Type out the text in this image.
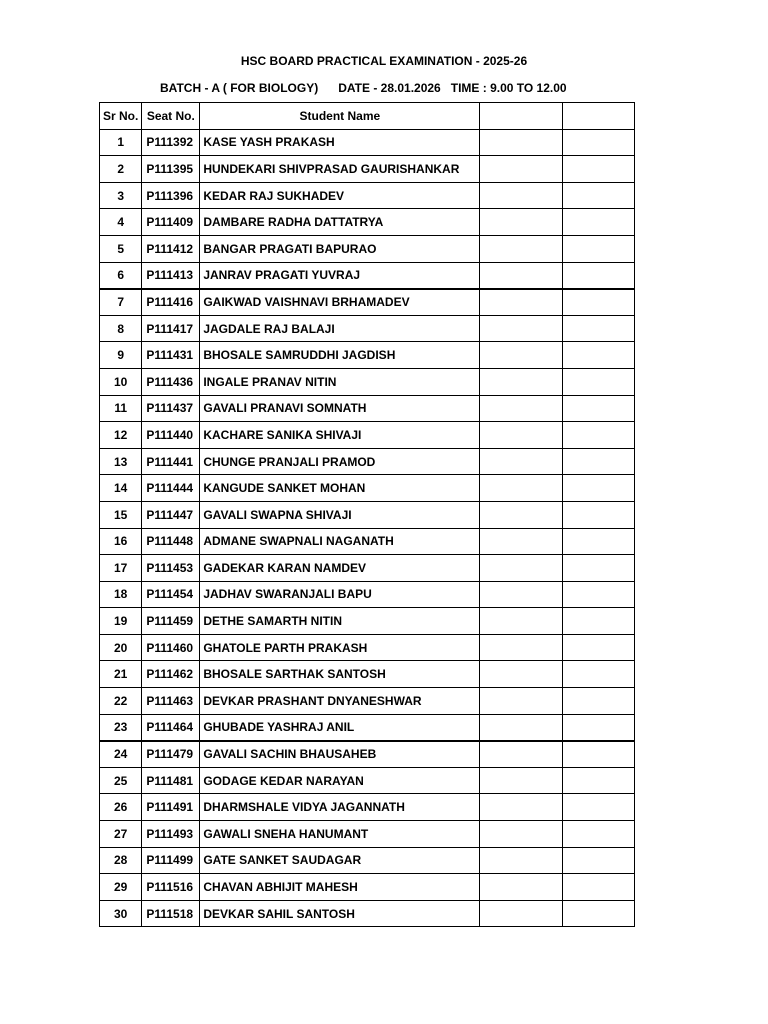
HSC BOARD PRACTICAL EXAMINATION - 2025-26
BATCH - A ( FOR BIOLOGY) DATE - 28.01.2026 TIME : 9.00 TO 12.00
Sr No.	Seat No.	Student Name		
1	P111392	KASE YASH PRAKASH		
2	P111395	HUNDEKARI SHIVPRASAD GAURISHANKAR		
3	P111396	KEDAR RAJ SUKHADEV		
4	P111409	DAMBARE RADHA DATTATRYA		
5	P111412	BANGAR PRAGATI BAPURAO		
6	P111413	JANRAV PRAGATI YUVRAJ		
7	P111416	GAIKWAD VAISHNAVI BRHAMADEV		
8	P111417	JAGDALE RAJ BALAJI		
9	P111431	BHOSALE SAMRUDDHI JAGDISH		
10	P111436	INGALE PRANAV NITIN		
11	P111437	GAVALI PRANAVI SOMNATH		
12	P111440	KACHARE SANIKA SHIVAJI		
13	P111441	CHUNGE PRANJALI PRAMOD		
14	P111444	KANGUDE SANKET MOHAN		
15	P111447	GAVALI SWAPNA SHIVAJI		
16	P111448	ADMANE SWAPNALI NAGANATH		
17	P111453	GADEKAR KARAN NAMDEV		
18	P111454	JADHAV SWARANJALI BAPU		
19	P111459	DETHE SAMARTH NITIN		
20	P111460	GHATOLE PARTH PRAKASH		
21	P111462	BHOSALE SARTHAK SANTOSH		
22	P111463	DEVKAR PRASHANT DNYANESHWAR		
23	P111464	GHUBADE YASHRAJ ANIL		
24	P111479	GAVALI SACHIN BHAUSAHEB		
25	P111481	GODAGE KEDAR NARAYAN		
26	P111491	DHARMSHALE VIDYA JAGANNATH		
27	P111493	GAWALI SNEHA HANUMANT		
28	P111499	GATE SANKET SAUDAGAR		
29	P111516	CHAVAN ABHIJIT MAHESH		
30	P111518	DEVKAR SAHIL SANTOSH		
